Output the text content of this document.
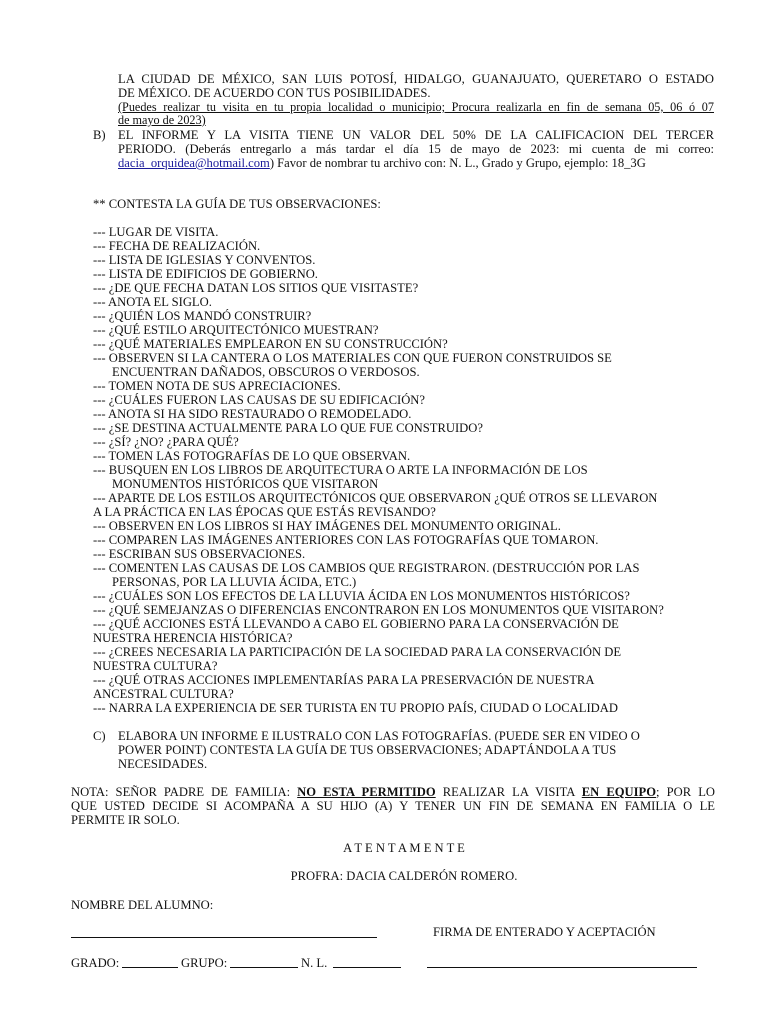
LA CIUDAD DE MÉXICO, SAN LUIS POTOSÍ, HIDALGO, GUANAJUATO, QUERETARO O ESTADO

DE MÉXICO. DE ACUERDO CON TUS POSIBILIDADES.

(Puedes realizar tu visita en tu propia localidad o municipio; Procura realizarla en fin de semana 05, 06 ó 07

de mayo de 2023)

B) EL INFORME Y LA VISITA TIENE UN VALOR DEL 50% DE LA CALIFICACION DEL TERCER

PERIODO. (Deberás entregarlo a más tardar el día 15 de mayo de 2023: mi cuenta de mi correo:

dacia_orquidea@hotmail.com) Favor de nombrar tu archivo con: N. L., Grado y Grupo, ejemplo: 18_3G

** CONTESTA LA GUÍA DE TUS OBSERVACIONES:

--- LUGAR DE VISITA.

--- FECHA DE REALIZACIÓN.

--- LISTA DE IGLESIAS Y CONVENTOS.

--- LISTA DE EDIFICIOS DE GOBIERNO.

--- ¿DE QUE FECHA DATAN LOS SITIOS QUE VISITASTE?

--- ANOTA EL SIGLO.

--- ¿QUIÉN LOS MANDÓ CONSTRUIR?

--- ¿QUÉ ESTILO ARQUITECTÓNICO MUESTRAN?

--- ¿QUÉ MATERIALES EMPLEARON EN SU CONSTRUCCIÓN?

--- OBSERVEN SI LA CANTERA O LOS MATERIALES CON QUE FUERON CONSTRUIDOS SE

ENCUENTRAN DAÑADOS, OBSCUROS O VERDOSOS.

--- TOMEN NOTA DE SUS APRECIACIONES.

--- ¿CUÁLES FUERON LAS CAUSAS DE SU EDIFICACIÓN?

--- ANOTA SI HA SIDO RESTAURADO O REMODELADO.

--- ¿SE DESTINA ACTUALMENTE PARA LO QUE FUE CONSTRUIDO?

--- ¿SÍ? ¿NO? ¿PARA QUÉ?

--- TOMEN LAS FOTOGRAFÍAS DE LO QUE OBSERVAN.

--- BUSQUEN EN LOS LIBROS DE ARQUITECTURA O ARTE LA INFORMACIÓN DE LOS

MONUMENTOS HISTÓRICOS QUE VISITARON

--- APARTE DE LOS ESTILOS ARQUITECTÓNICOS QUE OBSERVARON ¿QUÉ OTROS SE LLEVARON

A LA PRÁCTICA EN LAS ÉPOCAS QUE ESTÁS REVISANDO?

--- OBSERVEN EN LOS LIBROS SI HAY IMÁGENES DEL MONUMENTO ORIGINAL.

--- COMPAREN LAS IMÁGENES ANTERIORES CON LAS FOTOGRAFÍAS QUE TOMARON.

--- ESCRIBAN SUS OBSERVACIONES.

--- COMENTEN LAS CAUSAS DE LOS CAMBIOS QUE REGISTRARON. (DESTRUCCIÓN POR LAS

PERSONAS, POR LA LLUVIA ÁCIDA, ETC.)

--- ¿CUÁLES SON LOS EFECTOS DE LA LLUVIA ÁCIDA EN LOS MONUMENTOS HISTÓRICOS?

--- ¿QUÉ SEMEJANZAS O DIFERENCIAS ENCONTRARON EN LOS MONUMENTOS QUE VISITARON?

--- ¿QUÉ ACCIONES ESTÁ LLEVANDO A CABO EL GOBIERNO PARA LA CONSERVACIÓN DE

NUESTRA HERENCIA HISTÓRICA?

--- ¿CREES NECESARIA LA PARTICIPACIÓN DE LA SOCIEDAD PARA LA CONSERVACIÓN DE

NUESTRA CULTURA?

--- ¿QUÉ OTRAS ACCIONES IMPLEMENTARÍAS PARA LA PRESERVACIÓN DE NUESTRA

ANCESTRAL CULTURA?

--- NARRA LA EXPERIENCIA DE SER TURISTA EN TU PROPIO PAÍS, CIUDAD O LOCALIDAD

C) ELABORA UN INFORME E ILUSTRALO CON LAS FOTOGRAFÍAS. (PUEDE SER EN VIDEO O

POWER POINT) CONTESTA LA GUÍA DE TUS OBSERVACIONES; ADAPTÁNDOLA A TUS

NECESIDADES.

NOTA: SEÑOR PADRE DE FAMILIA: NO ESTA PERMITIDO REALIZAR LA VISITA EN EQUIPO; POR LO

QUE USTED DECIDE SI ACOMPAÑA A SU HIJO (A) Y TENER UN FIN DE SEMANA EN FAMILIA O LE

PERMITE IR SOLO.

A T E N T A M E N T E

PROFRA: DACIA CALDERÓN ROMERO.

NOMBRE DEL ALUMNO:

FIRMA DE ENTERADO Y ACEPTACIÓN

GRADO:	GRUPO:	N. L.
